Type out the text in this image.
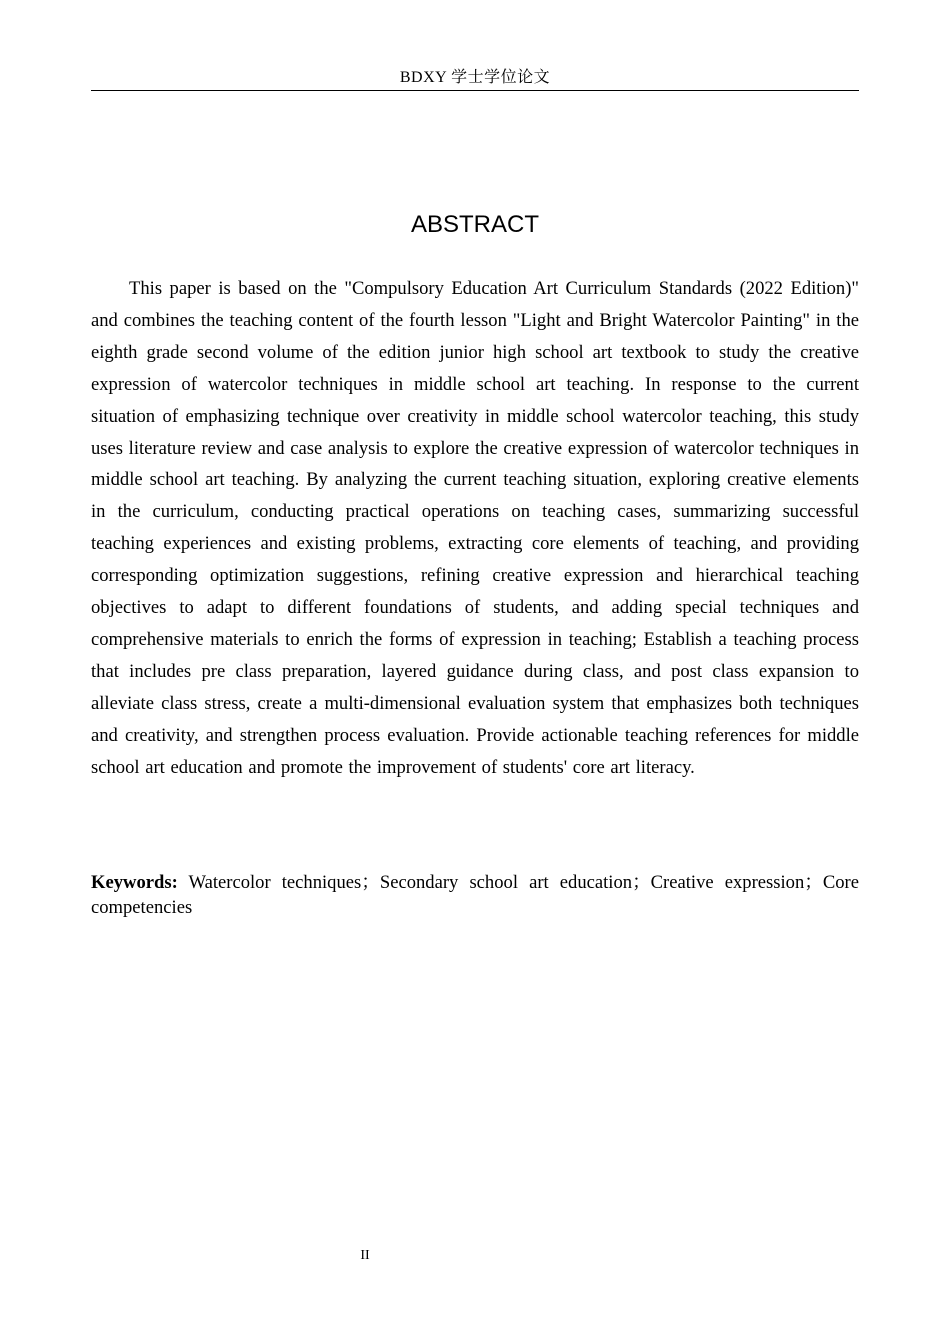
BDXY 学士学位论文
ABSTRACT

This paper is based on the "Compulsory Education Art Curriculum Standards (2022 Edition)" and combines the teaching content of the fourth lesson "Light and Bright Watercolor Painting" in the eighth grade second volume of the edition junior high school art textbook to study the creative expression of watercolor techniques in middle school art teaching. In response to the current situation of emphasizing technique over creativity in middle school watercolor teaching, this study uses literature review and case analysis to explore the creative expression of watercolor techniques in middle school art teaching. By analyzing the current teaching situation, exploring creative elements in the curriculum, conducting practical operations on teaching cases, summarizing successful teaching experiences and existing problems, extracting core elements of teaching, and providing corresponding optimization suggestions, refining creative expression and hierarchical teaching objectives to adapt to different foundations of students, and adding special techniques and comprehensive materials to enrich the forms of expression in teaching; Establish a teaching process that includes pre class preparation, layered guidance during class, and post class expansion to alleviate class stress, create a multi-dimensional evaluation system that emphasizes both techniques and creativity, and strengthen process evaluation. Provide actionable teaching references for middle school art education and promote the improvement of students' core art literacy.

Keywords: Watercolor techniques；Secondary school art education；Creative expression；Core competencies

II
